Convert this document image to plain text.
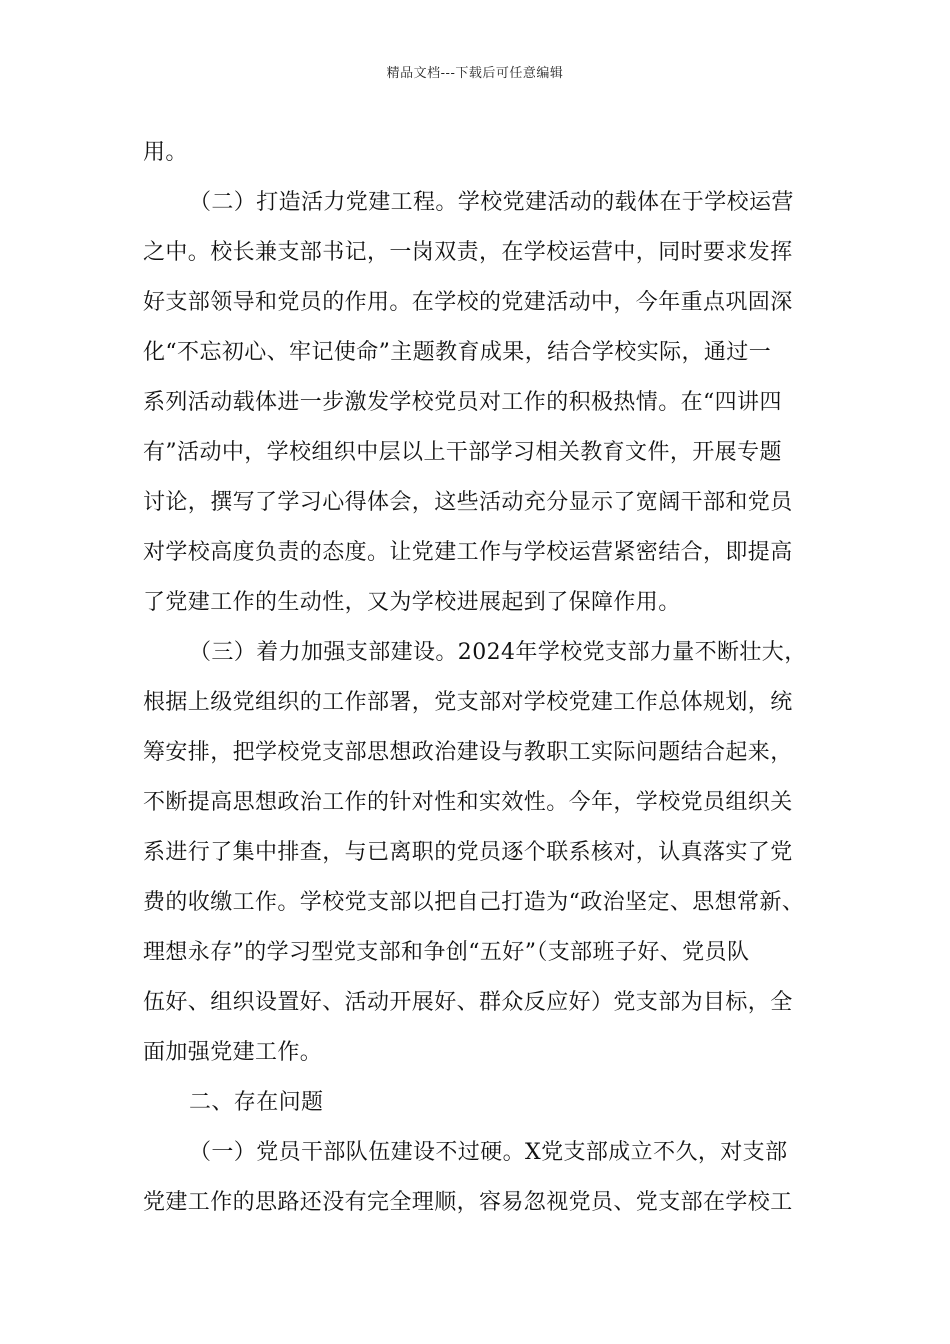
精品文档---下载后可任意编辑
用。
（二）打造活力党建工程。学校党建活动的载体在于学校运营
之中。校长兼支部书记，一岗双责，在学校运营中，同时要求发挥
好支部领导和党员的作用。在学校的党建活动中，今年重点巩固深
化“不忘初心、牢记使命”主题教育成果，结合学校实际，通过一
系列活动载体进一步激发学校党员对工作的积极热情。在“四讲四
有”活动中，学校组织中层以上干部学习相关教育文件，开展专题
讨论，撰写了学习心得体会，这些活动充分显示了宽阔干部和党员
对学校高度负责的态度。让党建工作与学校运营紧密结合，即提高
了党建工作的生动性，又为学校进展起到了保障作用。
（三）着力加强支部建设。2024年学校党支部力量不断壮大，
根据上级党组织的工作部署，党支部对学校党建工作总体规划，统
筹安排，把学校党支部思想政治建设与教职工实际问题结合起来，
不断提高思想政治工作的针对性和实效性。今年，学校党员组织关
系进行了集中排查，与已离职的党员逐个联系核对，认真落实了党
费的收缴工作。学校党支部以把自己打造为“政治坚定、思想常新、
理想永存”的学习型党支部和争创“五好”（支部班子好、党员队
伍好、组织设置好、活动开展好、群众反应好）党支部为目标，全
面加强党建工作。
二、存在问题
（一）党员干部队伍建设不过硬。X党支部成立不久，对支部
党建工作的思路还没有完全理顺，容易忽视党员、党支部在学校工
